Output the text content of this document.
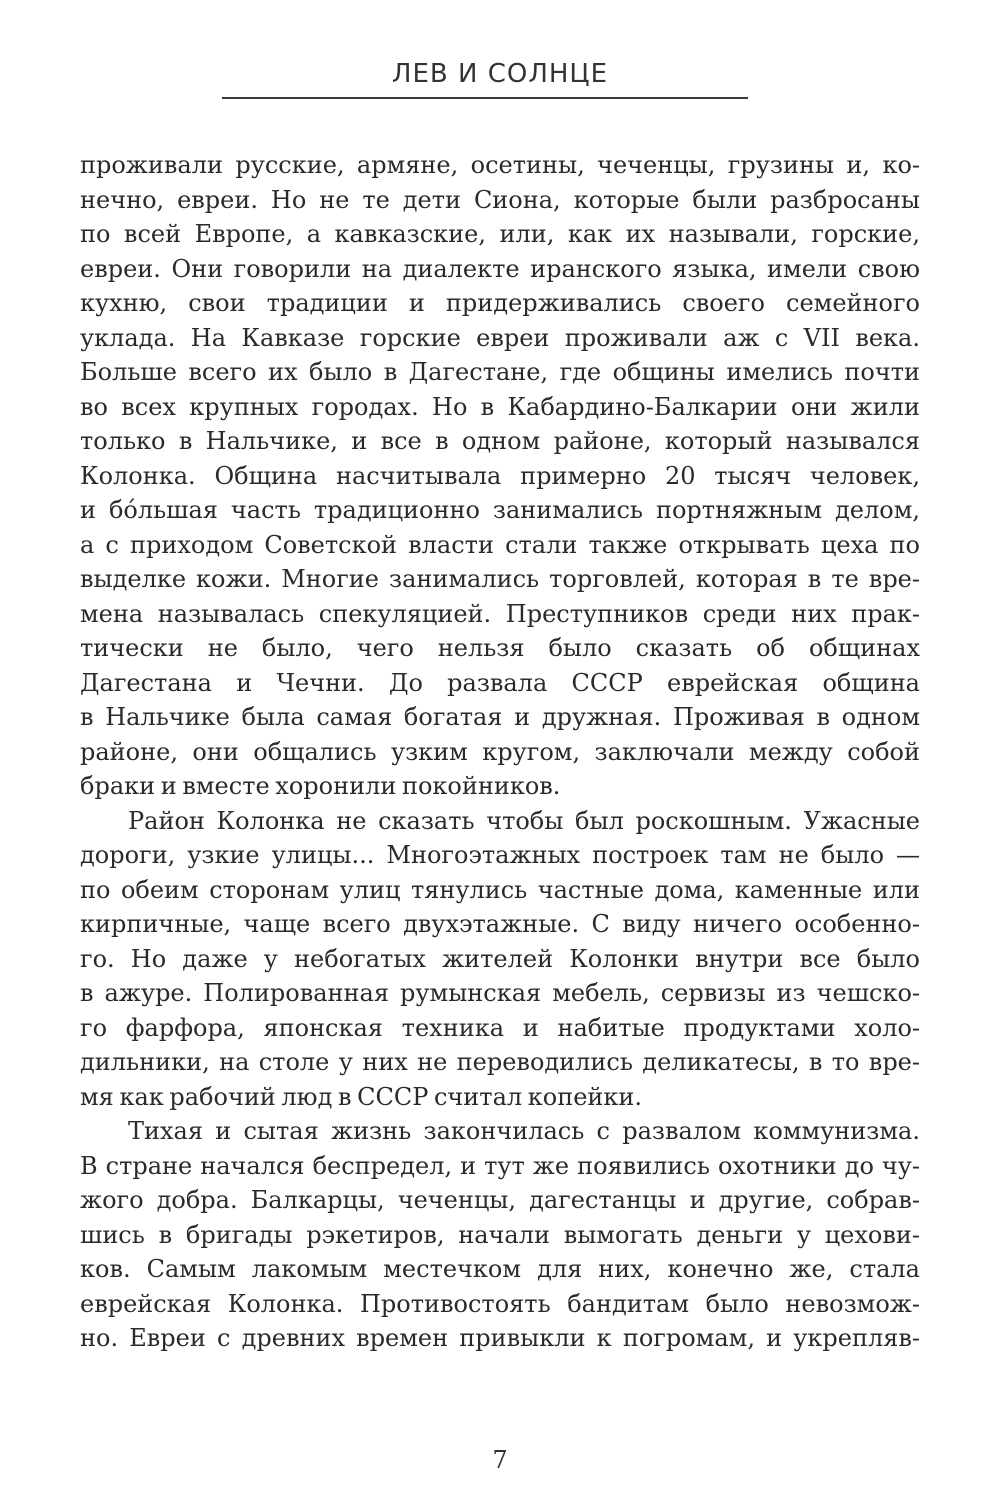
ЛЕВ И СОЛНЦЕ
проживали русские, армяне, осетины, чеченцы, грузины и, ко-
нечно, евреи. Но не те дети Сиона, которые были разбросаны
по всей Европе, а кавказские, или, как их называли, горские,
евреи. Они говорили на диалекте иранского языка, имели свою
кухню, свои традиции и придерживались своего семейного
уклада. На Кавказе горские евреи проживали аж с VII века.
Больше всего их было в Дагестане, где общины имелись почти
во всех крупных городах. Но в Кабардино-Балкарии они жили
только в Нальчике, и все в одном районе, который назывался
Колонка. Община насчитывала примерно 20 тысяч человек,
и бóльшая часть традиционно занимались портняжным делом,
а с приходом Советской власти стали также открывать цеха по
выделке кожи. Многие занимались торговлей, которая в те вре-
мена называлась спекуляцией. Преступников среди них прак-
тически не было, чего нельзя было сказать об общинах
Дагестана и Чечни. До развала СССР еврейская община
в Нальчике была самая богатая и дружная. Проживая в одном
районе, они общались узким кругом, заключали между собой
браки и вместе хоронили покойников.
Район Колонка не сказать чтобы был роскошным. Ужасные
дороги, узкие улицы... Многоэтажных построек там не было —
по обеим сторонам улиц тянулись частные дома, каменные или
кирпичные, чаще всего двухэтажные. С виду ничего особенно-
го. Но даже у небогатых жителей Колонки внутри все было
в ажуре. Полированная румынская мебель, сервизы из чешско-
го фарфора, японская техника и набитые продуктами холо-
дильники, на столе у них не переводились деликатесы, в то вре-
мя как рабочий люд в СССР считал копейки.
Тихая и сытая жизнь закончилась с развалом коммунизма.
В стране начался беспредел, и тут же появились охотники до чу-
жого добра. Балкарцы, чеченцы, дагестанцы и другие, собрав-
шись в бригады рэкетиров, начали вымогать деньги у цехови-
ков. Самым лакомым местечком для них, конечно же, стала
еврейская Колонка. Противостоять бандитам было невозмож-
но. Евреи с древних времен привыкли к погромам, и укрепляв-
7
